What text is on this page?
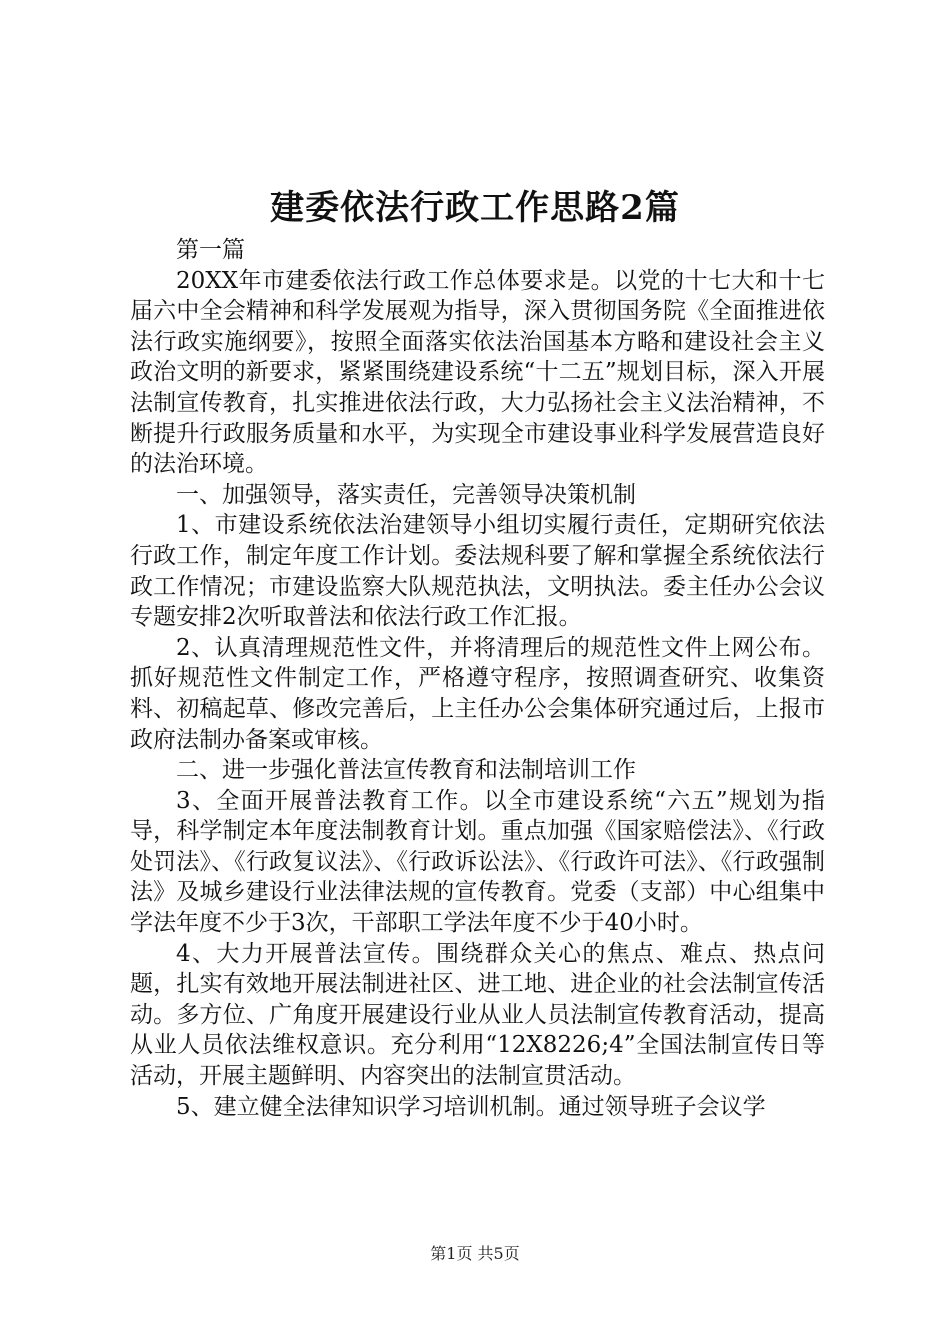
建委依法行政工作思路2篇

第一篇

20XX年市建委依法行政工作总体要求是。以党的十七大和十七届六中全会精神和科学发展观为指导，深入贯彻国务院《全面推进依法行政实施纲要》，按照全面落实依法治国基本方略和建设社会主义政治文明的新要求，紧紧围绕建设系统“十二五”规划目标，深入开展法制宣传教育，扎实推进依法行政，大力弘扬社会主义法治精神，不断提升行政服务质量和水平，为实现全市建设事业科学发展营造良好的法治环境。

一、加强领导，落实责任，完善领导决策机制

1、市建设系统依法治建领导小组切实履行责任，定期研究依法行政工作，制定年度工作计划。委法规科要了解和掌握全系统依法行政工作情况；市建设监察大队规范执法，文明执法。委主任办公会议专题安排2次听取普法和依法行政工作汇报。

2、认真清理规范性文件，并将清理后的规范性文件上网公布。抓好规范性文件制定工作，严格遵守程序，按照调查研究、收集资料、初稿起草、修改完善后，上主任办公会集体研究通过后，上报市政府法制办备案或审核。

二、进一步强化普法宣传教育和法制培训工作

3、全面开展普法教育工作。以全市建设系统“六五”规划为指导，科学制定本年度法制教育计划。重点加强《国家赔偿法》、《行政处罚法》、《行政复议法》、《行政诉讼法》、《行政许可法》、《行政强制法》及城乡建设行业法律法规的宣传教育。党委（支部）中心组集中学法年度不少于3次，干部职工学法年度不少于40小时。

4、大力开展普法宣传。围绕群众关心的焦点、难点、热点问题，扎实有效地开展法制进社区、进工地、进企业的社会法制宣传活动。多方位、广角度开展建设行业从业人员法制宣传教育活动，提高从业人员依法维权意识。充分利用“12X8226;4”全国法制宣传日等活动，开展主题鲜明、内容突出的法制宣贯活动。

5、建立健全法律知识学习培训机制。通过领导班子会议学

第1页 共5页
